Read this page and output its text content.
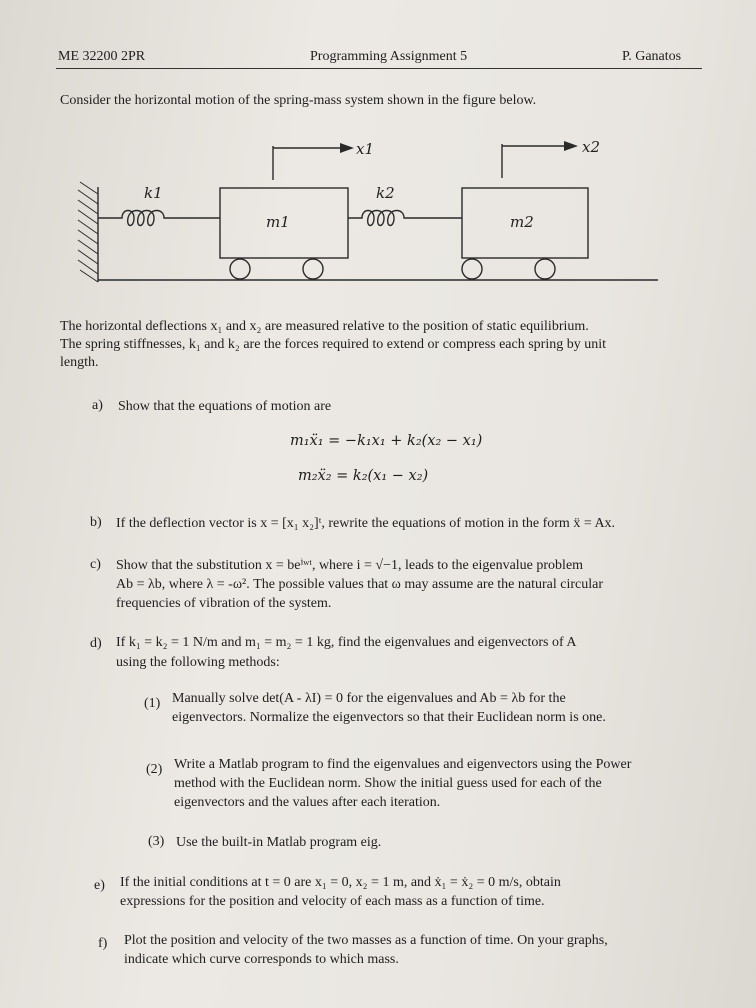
ME 32200 2PR	Programming Assignment 5	P. Ganatos
Consider the horizontal motion of the spring-mass system shown in the figure below.
x1	x2
k1	k2
m1	m2
The horizontal deflections x₁ and x₂ are measured relative to the position of static equilibrium.
The spring stiffnesses, k₁ and k₂ are the forces required to extend or compress each spring by unit
length.
a) Show that the equations of motion are
m₁ẍ₁ = −k₁x₁ + k₂(x₂ − x₁)
m₂ẍ₂ = k₂(x₁ − x₂)
b) If the deflection vector is x = [x₁ x₂]ᵗ, rewrite the equations of motion in the form ẍ = Ax.
c) Show that the substitution x = beⁱʷᵗ, where i = √−1, leads to the eigenvalue problem
Ab = λb, where λ = -ω². The possible values that ω may assume are the natural circular
frequencies of vibration of the system.
d) If k₁ = k₂ = 1 N/m and m₁ = m₂ = 1 kg, find the eigenvalues and eigenvectors of A
using the following methods:
(1) Manually solve det(A - λI) = 0 for the eigenvalues and Ab = λb for the
eigenvectors. Normalize the eigenvectors so that their Euclidean norm is one.
(2) Write a Matlab program to find the eigenvalues and eigenvectors using the Power
method with the Euclidean norm. Show the initial guess used for each of the
eigenvectors and the values after each iteration.
(3) Use the built-in Matlab program eig.
e) If the initial conditions at t = 0 are x₁ = 0, x₂ = 1 m, and ẋ₁ = ẋ₂ = 0 m/s, obtain
expressions for the position and velocity of each mass as a function of time.
f) Plot the position and velocity of the two masses as a function of time. On your graphs,
indicate which curve corresponds to which mass.
